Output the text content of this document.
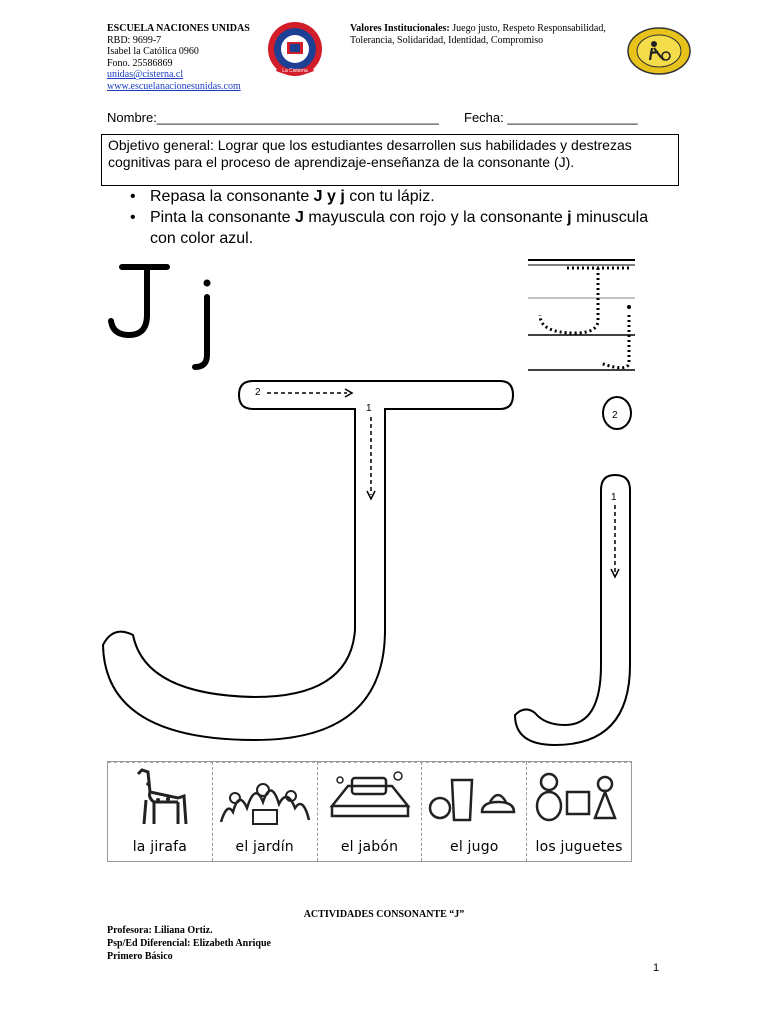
ESCUELA NACIONES UNIDAS
RBD: 9699-7
Isabel la Católica 0960
Fono. 25586869
unidas@cisterna.cl
www.escuelanacionesunidas.com
La Cisterna
Valores Institucionales: Juego justo, Respeto Responsabilidad,
Tolerancia, Solidaridad, Identidad, Compromiso
Nombre:_______________________________________ Fecha: __________________
Objetivo general: Lograr que los estudiantes desarrollen sus habilidades y destrezas cognitivas para el proceso de aprendizaje-enseñanza de la consonante (J).
• Repasa la consonante J y j con tu lápiz.
• Pinta la consonante J mayuscula con rojo y la consonante j minuscula con color azul.
2
1
2
1
la jirafa	el jardín	el jabón	el jugo	los juguetes
ACTIVIDADES CONSONANTE “J”
Profesora: Liliana Ortiz.
Psp/Ed Diferencial: Elizabeth Anrique
Primero Básico
1
